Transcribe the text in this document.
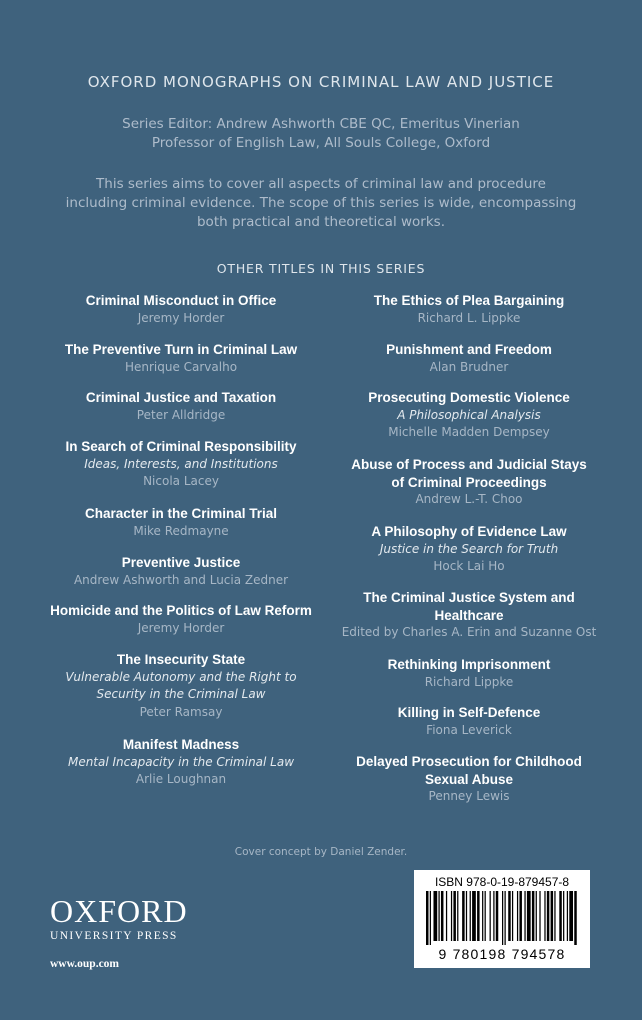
OXFORD MONOGRAPHS ON CRIMINAL LAW AND JUSTICE
Series Editor: Andrew Ashworth CBE QC, Emeritus Vinerian
Professor of English Law, All Souls College, Oxford
This series aims to cover all aspects of criminal law and procedure
including criminal evidence. The scope of this series is wide, encompassing
both practical and theoretical works.
OTHER TITLES IN THIS SERIES
Criminal Misconduct in Office
Jeremy Horder
The Preventive Turn in Criminal Law
Henrique Carvalho
Criminal Justice and Taxation
Peter Alldridge
In Search of Criminal Responsibility
Ideas, Interests, and Institutions
Nicola Lacey
Character in the Criminal Trial
Mike Redmayne
Preventive Justice
Andrew Ashworth and Lucia Zedner
Homicide and the Politics of Law Reform
Jeremy Horder
The Insecurity State
Vulnerable Autonomy and the Right to
Security in the Criminal Law
Peter Ramsay
Manifest Madness
Mental Incapacity in the Criminal Law
Arlie Loughnan
The Ethics of Plea Bargaining
Richard L. Lippke
Punishment and Freedom
Alan Brudner
Prosecuting Domestic Violence
A Philosophical Analysis
Michelle Madden Dempsey
Abuse of Process and Judicial Stays
of Criminal Proceedings
Andrew L.-T. Choo
A Philosophy of Evidence Law
Justice in the Search for Truth
Hock Lai Ho
The Criminal Justice System and
Healthcare
Edited by Charles A. Erin and Suzanne Ost
Rethinking Imprisonment
Richard Lippke
Killing in Self-Defence
Fiona Leverick
Delayed Prosecution for Childhood
Sexual Abuse
Penney Lewis
Cover concept by Daniel Zender.
OXFORD
UNIVERSITY PRESS
www.oup.com
ISBN 978-0-19-879457-8
9 780198 794578
